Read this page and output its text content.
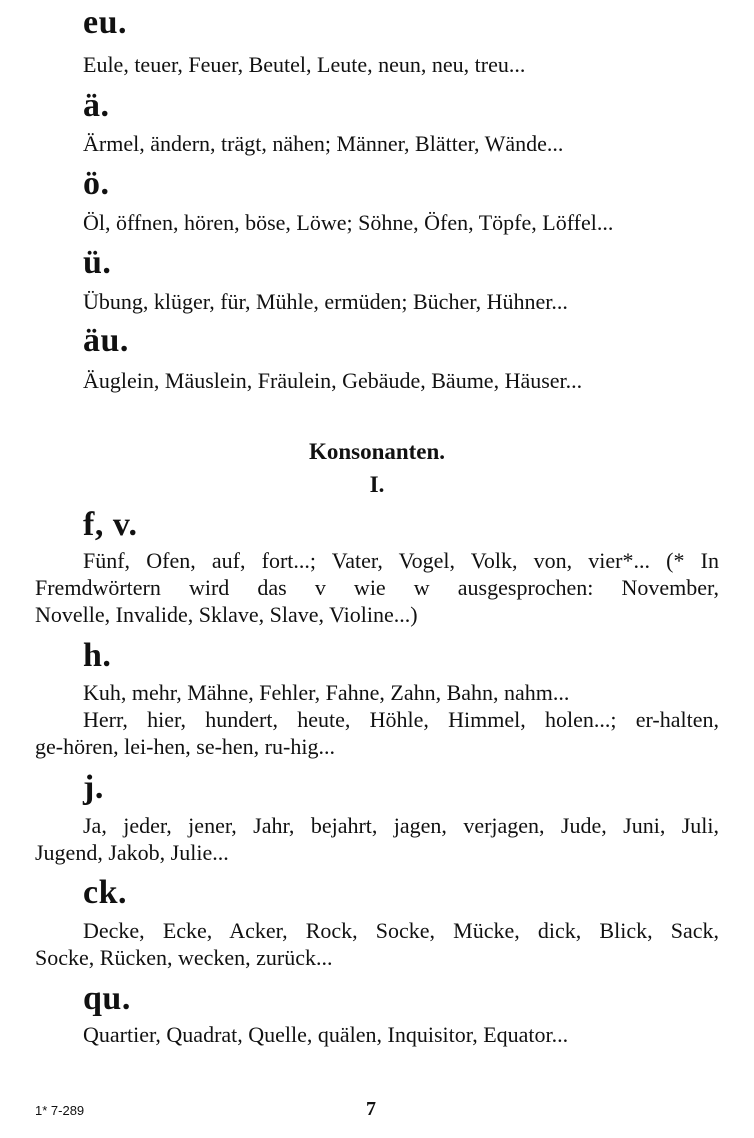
eu.
Eule, teuer, Feuer, Beutel, Leute, neun, neu, treu...
ä.
Ärmel, ändern, trägt, nähen; Männer, Blätter, Wände...
ö.
Öl, öffnen, hören, böse, Löwe; Söhne, Öfen, Töpfe, Löffel...
ü.
Übung, klüger, für, Mühle, ermüden; Bücher, Hühner...
äu.
Äuglein, Mäuslein, Fräulein, Gebäude, Bäume, Häuser...
Konsonanten.
I.
f, v.
Fünf, Ofen, auf, fort...; Vater, Vogel, Volk, von, vier*... (* In
Fremdwörtern wird das v wie w ausgesprochen: November,
Novelle, Invalide, Sklave, Slave, Violine...)
h.
Kuh, mehr, Mähne, Fehler, Fahne, Zahn, Bahn, nahm...
Herr, hier, hundert, heute, Höhle, Himmel, holen...; er-halten,
ge-hören, lei-hen, se-hen, ru-hig...
j.
Ja, jeder, jener, Jahr, bejahrt, jagen, verjagen, Jude, Juni, Juli,
Jugend, Jakob, Julie...
ck.
Decke, Ecke, Acker, Rock, Socke, Mücke, dick, Blick, Sack,
Socke, Rücken, wecken, zurück...
qu.
Quartier, Quadrat, Quelle, quälen, Inquisitor, Equator...
1* 7-289	7
